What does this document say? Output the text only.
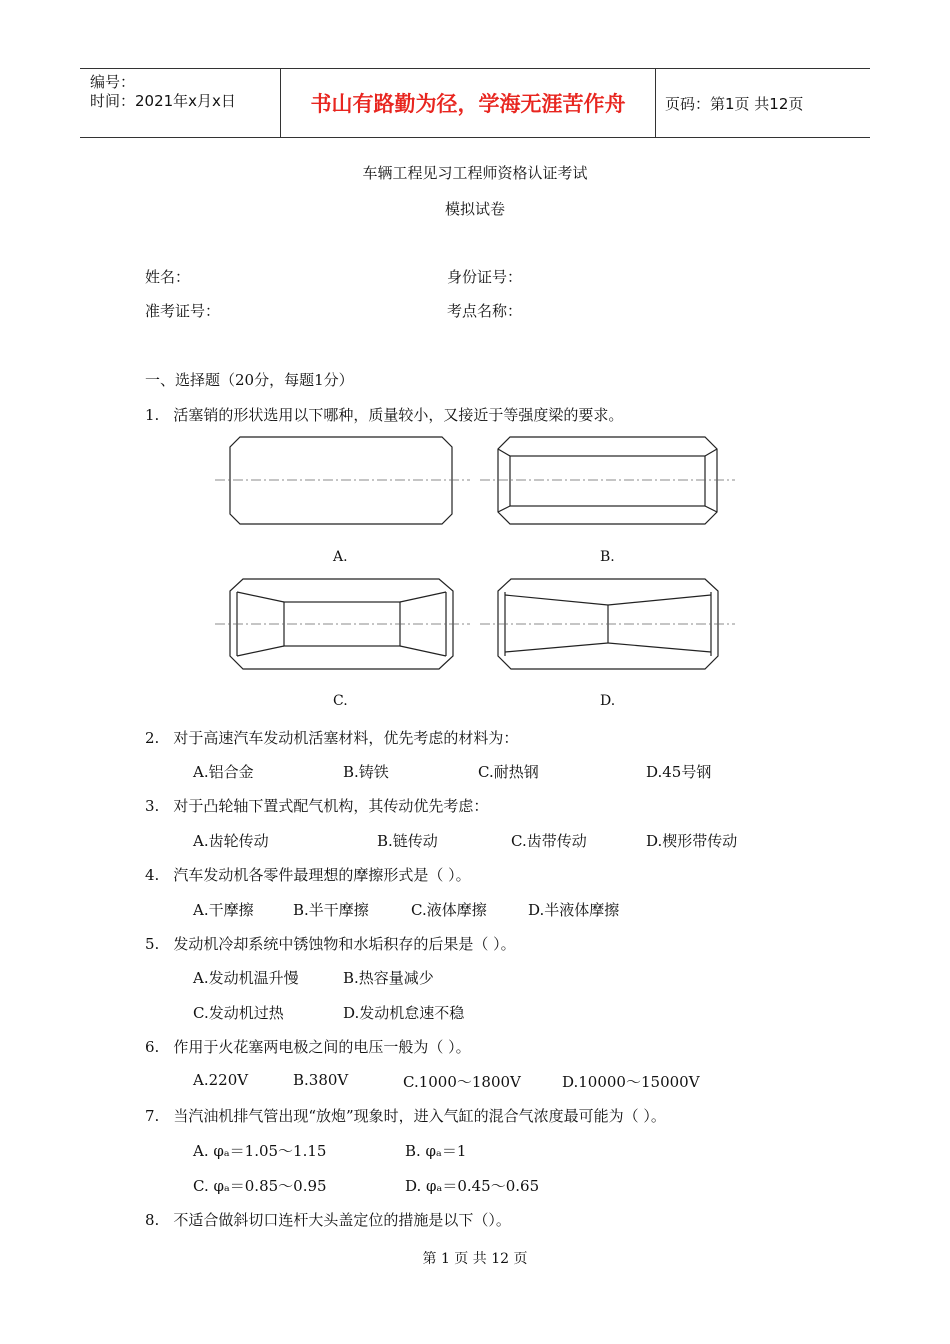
编号：
时间：2021年x月x日	书山有路勤为径，学海无涯苦作舟	页码：第1页 共12页
车辆工程见习工程师资格认证考试
模拟试卷
姓名：	身份证号：
准考证号：	考点名称：
一、选择题（20分，每题1分）
1. 活塞销的形状选用以下哪种，质量较小，又接近于等强度梁的要求。
A.	B.
C.	D.
2. 对于高速汽车发动机活塞材料，优先考虑的材料为：
A.铝合金	B.铸铁	C.耐热钢	D.45号钢
3. 对于凸轮轴下置式配气机构，其传动优先考虑：
A.齿轮传动	B.链传动	C.齿带传动	D.楔形带传动
4. 汽车发动机各零件最理想的摩擦形式是（ ）。
A.干摩擦	B.半干摩擦	C.液体摩擦	D.半液体摩擦
5. 发动机冷却系统中锈蚀物和水垢积存的后果是（ ）。
A.发动机温升慢	B.热容量减少
C.发动机过热	D.发动机怠速不稳
6. 作用于火花塞两电极之间的电压一般为（ ）。
A.220V	B.380V	C.1000～1800V	D.10000～15000V
7. 当汽油机排气管出现“放炮”现象时，进入气缸的混合气浓度最可能为（ ）。
A. φₐ＝1.05～1.15	B. φₐ＝1
C. φₐ＝0.85～0.95	D. φₐ＝0.45～0.65
8. 不适合做斜切口连杆大头盖定位的措施是以下（）。
第 1 页 共 12 页
